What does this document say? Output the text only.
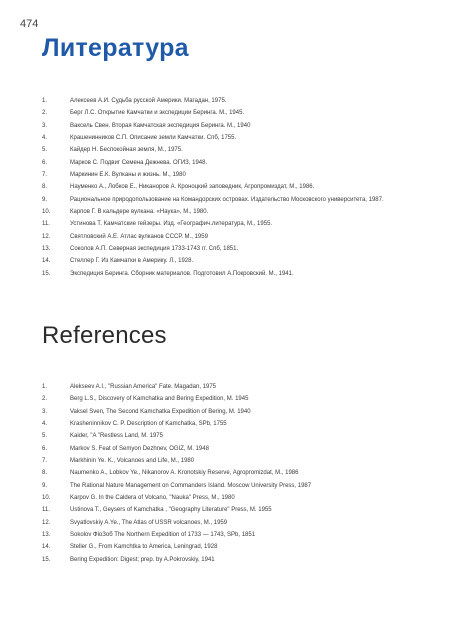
474
Литература
1.	Алексеев А.И. Судьба русской Америки. Магадан, 1975.
2.	Берг Л.С. Открытие Камчатки и экспедиции Беринга. М., 1945.
3.	Ваксель Свен. Вторая Камчатская экспедиция Беринга. М., 1940
4.	Крашенинников С.П. Описание земли Камчатки. Спб, 1755.
5.	Кайдер Н. Беспокойная земля, М., 1975.
6.	Марков С. Подвиг Семена Дежнева. ОГИЗ, 1948.
7.	Маркинин Е.К. Вулканы и жизнь. М., 1980
8.	Науменко А., Лобков Е., Никаноров А. Кроноцкий заповедник, Агропромиздат, М., 1986.
9.	Рациональное природопользование на Командорских островах. Издательство Московского университета, 1987.
10.	Карпов Г. В кальдере вулкана. «Наука», М., 1980.
11.	Устинова Т. Камчатские гейзеры. Изд. «Географич.литература, М., 1955.
12.	Святловский А.Е. Атлас вулканов СССР. М., 1959
13.	Соколов А.П. Северная экспедиция 1733-1743 гг. Спб, 1851.
14.	Стеллер Г. Из Камчатки в Америку. Л., 1928.
15.	Экспедиция Беринга. Сборник материалов. Подготовил А.Покровский. М., 1941.
References
1.	Alekseev A.I., "Russian America" Fate. Magadan, 1975
2.	Berg L.S., Discovery of Kamchatka and Bering Expedition, M. 1945
3.	Vaksel Sven, The Second Kamchatka Expedition of Bering, M. 1940
4.	Krasheninnikov C. P. Description of Kamchatka, SPb, 1755
5.	Kaider, "A "Restless Land, M. 1975
6.	Markov S. Feat of Semyon Dezhnev, OGIZ, M. 1948
7.	Markhinin Ye. K., Volcanoes and Life, M., 1980
8.	Naumenko A., Lobkov Ye., Nikanorov A. Kronotskiy Reserve, Agropromizdat, M., 1986
9.	The Rational Nature Management on Commanders Island. Moscow University Press, 1987
10.	Karpov G. In the Caldera of Volcano, "Nauka" Press, M., 1980
11.	Ustinova T., Geysers of Kamchatka , "Geography Literature" Press, M. 1955
12.	Svyatlovskiy A.Ye., The Atlas of USSR volcanoes, M., 1959
13.	Sokolov ФioЗоб The Northern Expedition of 1733 — 1743, SPb, 1851
14.	Steller G., From Kamchtka to America, Leningrad, 1928
15.	Bering Expedition: Digest; prep. by A.Pokrovskiy, 1941
